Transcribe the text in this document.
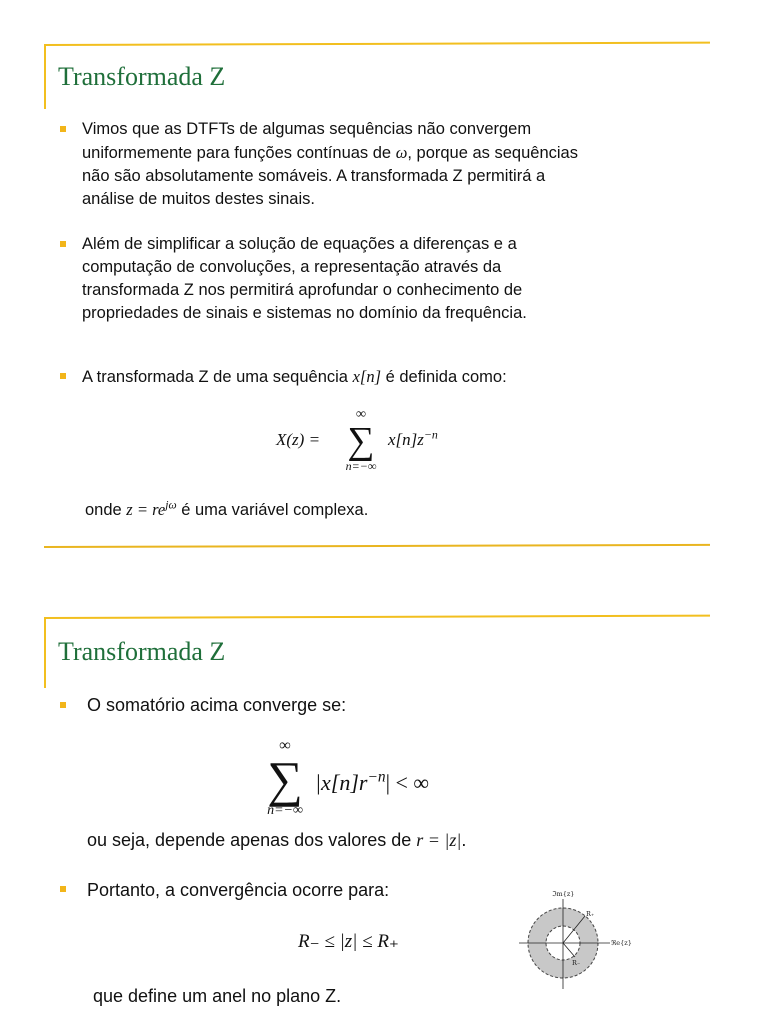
Transformada Z
Vimos que as DTFTs de algumas sequências não convergem
uniformemente para funções contínuas de ω, porque as sequências
não são absolutamente somáveis. A transformada Z permitirá a
análise de muitos destes sinais.
Além de simplificar a solução de equações a diferenças e a
computação de convoluções, a representação através da
transformada Z nos permitirá aprofundar o conhecimento de
propriedades de sinais e sistemas no domínio da frequência.
A transformada Z de uma sequência x[n] é definida como:
X(z) =
∞
∑
n=−∞
$x[n]z^{-n}$
onde $z = re^{j\omega}$ é uma variável complexa.
Transformada Z
O somatório acima converge se:
∞
∑
n=−∞
$|x[n]r^{-n}|$ < ∞
ou seja, depende apenas dos valores de r = |z|.
Portanto, a convergência ocorre para:
R₋ ≤ |z| ≤ R₊
que define um anel no plano Z.
ℑm{z}
ℜe{z}
R₊
R₋
